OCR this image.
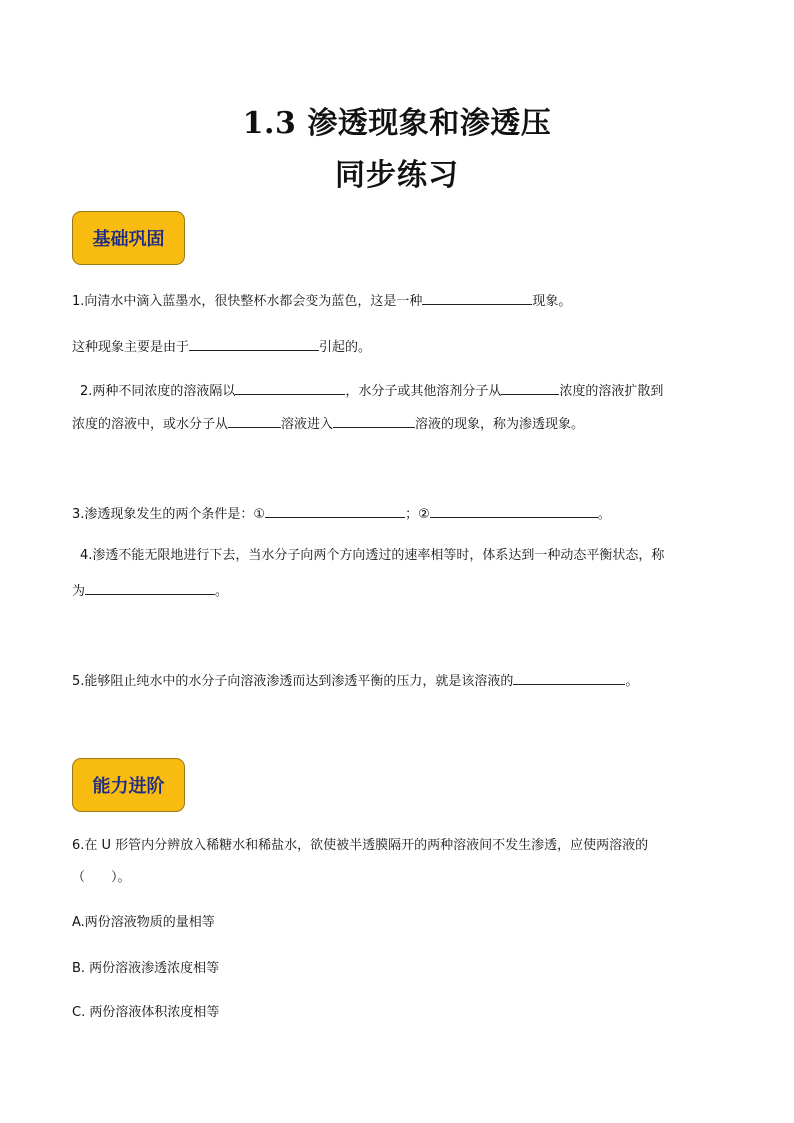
1.3 渗透现象和渗透压
同步练习
基础巩固
1.向清水中滴入蓝墨水，很快整杯水都会变为蓝色，这是一种	现象。
这种现象主要是由于	引起的。
2.两种不同浓度的溶液隔以	，水分子或其他溶剂分子从	浓度的溶液扩散到
浓度的溶液中，或水分子从	溶液进入	溶液的现象，称为渗透现象。
3.渗透现象发生的两个条件是：①	；②	。
4.渗透不能无限地进行下去，当水分子向两个方向透过的速率相等时，体系达到一种动态平衡状态，称
为	。
5.能够阻止纯水中的水分子向溶液渗透而达到渗透平衡的压力，就是该溶液的	。
能力进阶
6.在 U 形管内分辨放入稀糖水和稀盐水，欲使被半透膜隔开的两种溶液间不发生渗透，应使两溶液的
（　　）。
A.两份溶液物质的量相等
B. 两份溶液渗透浓度相等
C. 两份溶液体积浓度相等
